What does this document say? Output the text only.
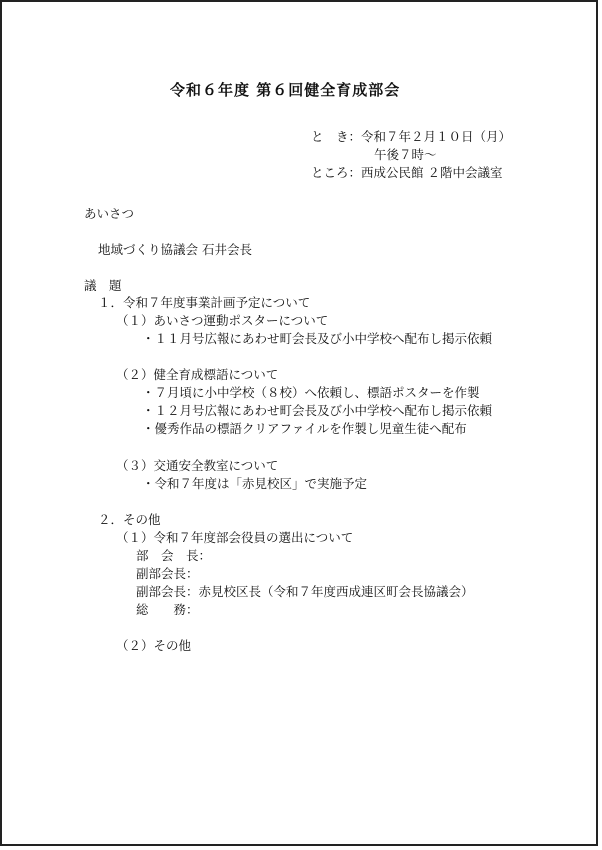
令和６年度 第６回健全育成部会
と　き：令和７年２月１０日（月）
午後７時～
ところ：西成公民館 ２階中会議室
あいさつ
地域づくり協議会 石井会長
議　題
１．令和７年度事業計画予定について
（１）あいさつ運動ポスターについて
・１１月号広報にあわせ町会長及び小中学校へ配布し掲示依頼
（２）健全育成標語について
・７月頃に小中学校（８校）へ依頼し、標語ポスターを作製
・１２月号広報にあわせ町会長及び小中学校へ配布し掲示依頼
・優秀作品の標語クリアファイルを作製し児童生徒へ配布
（３）交通安全教室について
・令和７年度は「赤見校区」で実施予定
２．その他
（１）令和７年度部会役員の選出について
部　会　長：
副部会長：
副部会長：赤見校区長（令和７年度西成連区町会長協議会）
総　　務：
（２）その他
